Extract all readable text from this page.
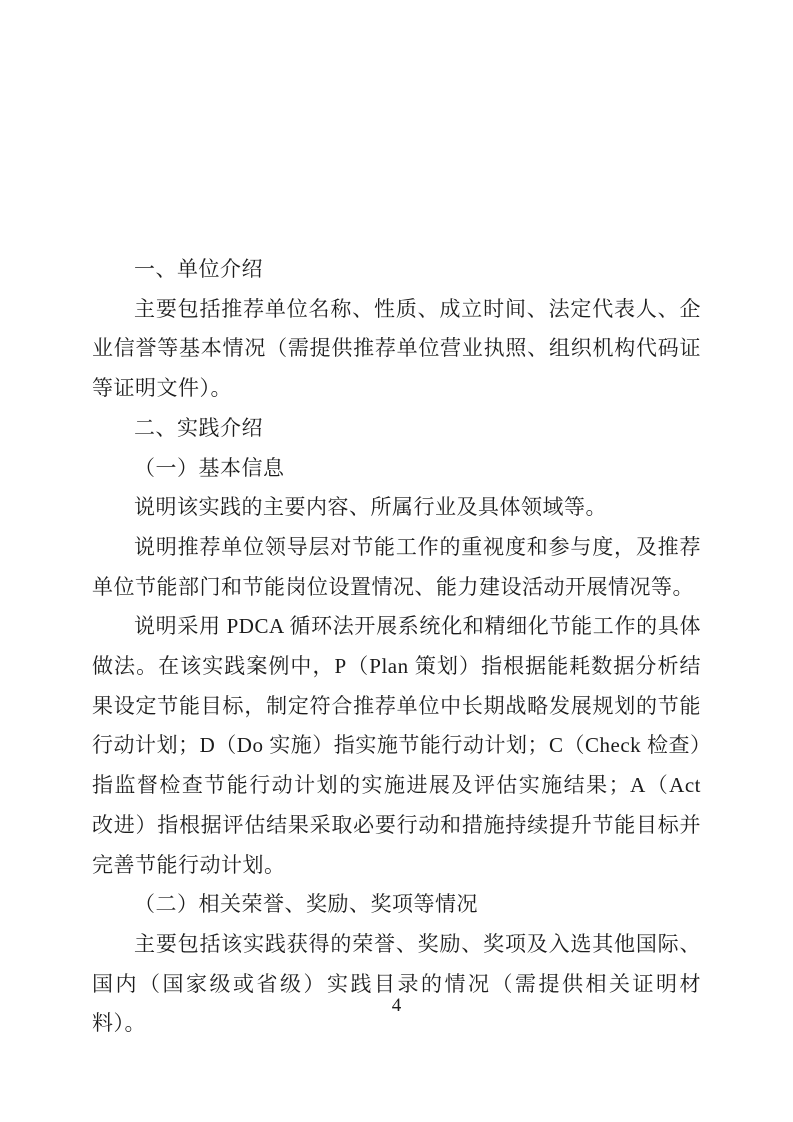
一、单位介绍

主要包括推荐单位名称、性质、成立时间、法定代表人、企业信誉等基本情况（需提供推荐单位营业执照、组织机构代码证等证明文件）。

二、实践介绍

（一）基本信息

说明该实践的主要内容、所属行业及具体领域等。

说明推荐单位领导层对节能工作的重视度和参与度，及推荐单位节能部门和节能岗位设置情况、能力建设活动开展情况等。

说明采用 PDCA 循环法开展系统化和精细化节能工作的具体做法。在该实践案例中，P（Plan 策划）指根据能耗数据分析结果设定节能目标，制定符合推荐单位中长期战略发展规划的节能行动计划；D（Do 实施）指实施节能行动计划；C（Check 检查）指监督检查节能行动计划的实施进展及评估实施结果；A（Act 改进）指根据评估结果采取必要行动和措施持续提升节能目标并完善节能行动计划。

（二）相关荣誉、奖励、奖项等情况

主要包括该实践获得的荣誉、奖励、奖项及入选其他国际、国内（国家级或省级）实践目录的情况（需提供相关证明材料）。

4
